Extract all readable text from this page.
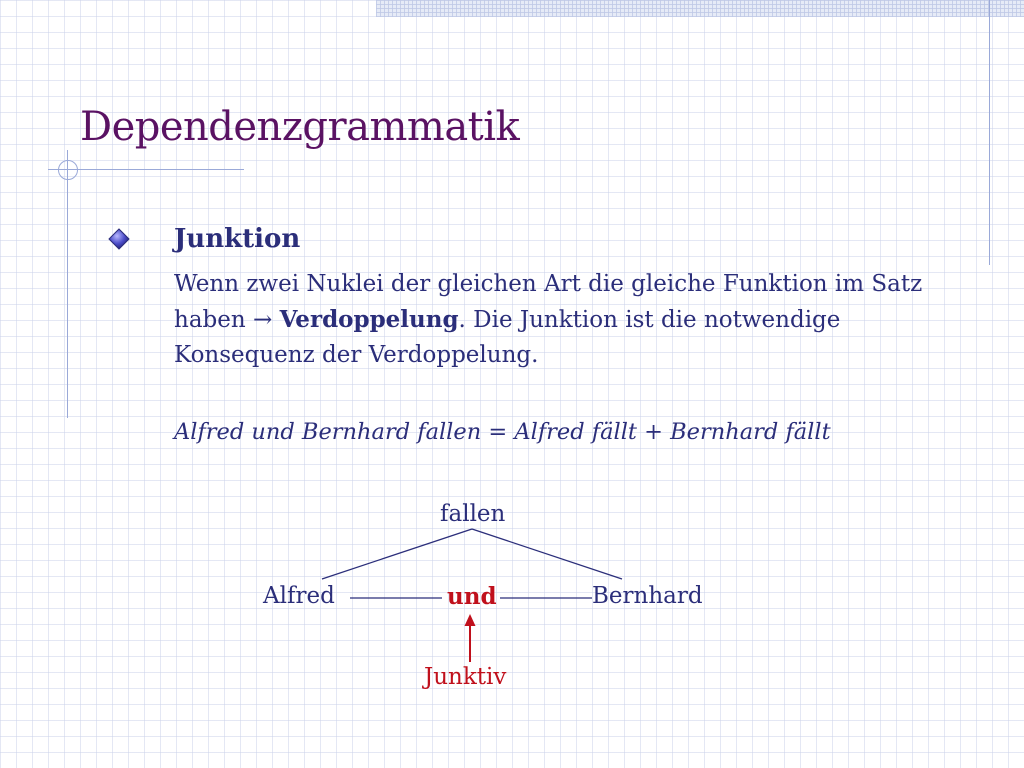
Dependenzgrammatik
Junktion

Wenn zwei Nuklei der gleichen Art die gleiche Funktion im Satz haben → Verdoppelung. Die Junktion ist die notwendige Konsequenz der Verdoppelung.

Alfred und Bernhard fallen = Alfred fällt + Bernhard fällt

fallen
Alfred	und	Bernhard
Junktiv
